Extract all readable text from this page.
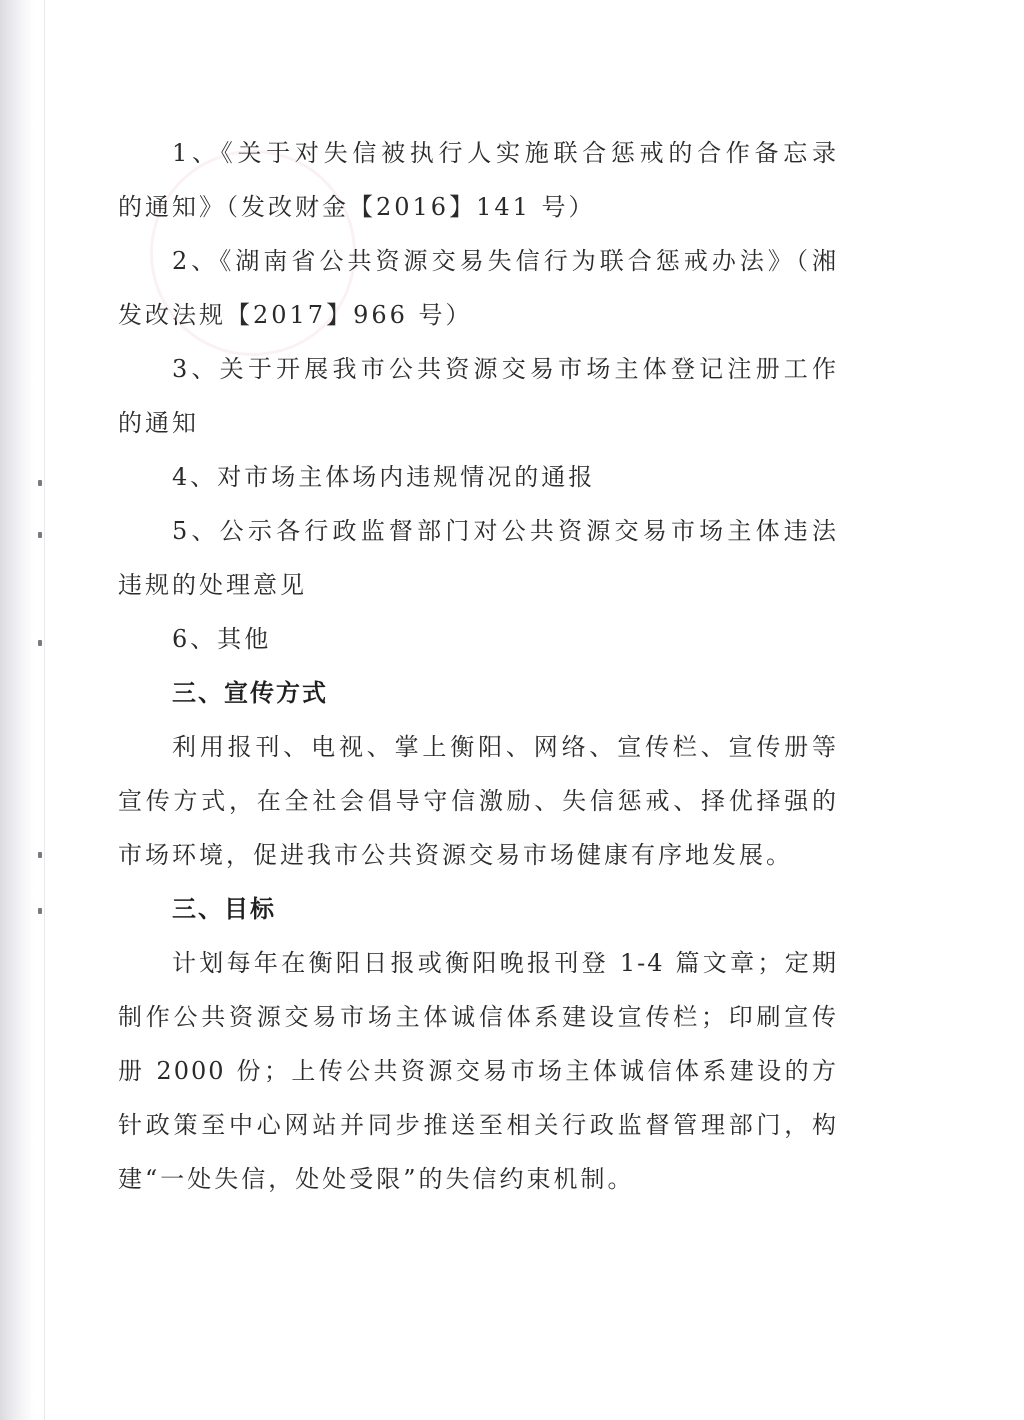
1、《关于对失信被执行人实施联合惩戒的合作备忘录
的通知》（发改财金【2016】141 号）
2、《湖南省公共资源交易失信行为联合惩戒办法》（湘
发改法规【2017】966 号）
3、关于开展我市公共资源交易市场主体登记注册工作
的通知
4、对市场主体场内违规情况的通报
5、公示各行政监督部门对公共资源交易市场主体违法
违规的处理意见
6、其他
三、宣传方式
利用报刊、电视、掌上衡阳、网络、宣传栏、宣传册等
宣传方式，在全社会倡导守信激励、失信惩戒、择优择强的
市场环境，促进我市公共资源交易市场健康有序地发展。
三、目标
计划每年在衡阳日报或衡阳晚报刊登 1-4 篇文章；定期
制作公共资源交易市场主体诚信体系建设宣传栏；印刷宣传
册 2000 份；上传公共资源交易市场主体诚信体系建设的方
针政策至中心网站并同步推送至相关行政监督管理部门，构
建“一处失信，处处受限”的失信约束机制。
